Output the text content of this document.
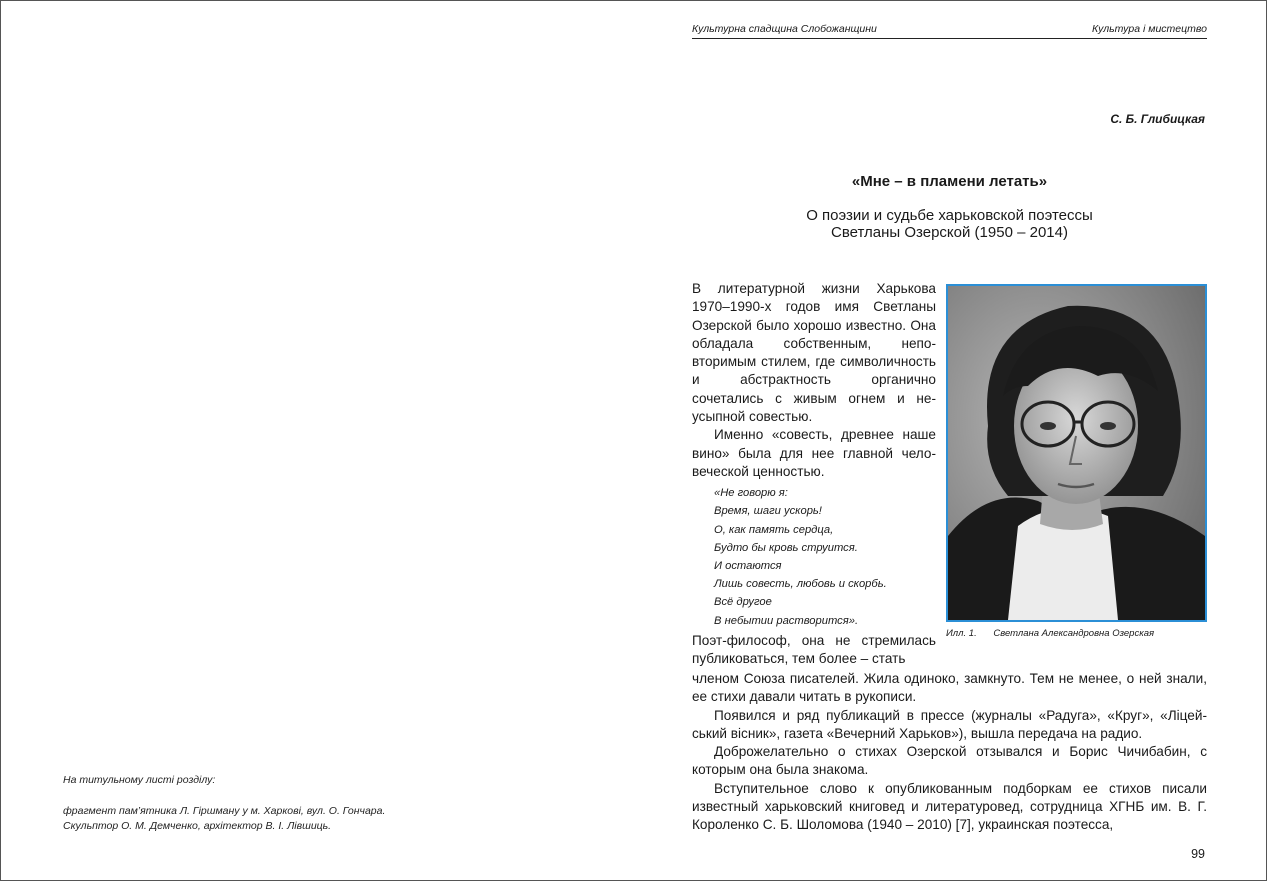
На титульному листі розділу:
фрагмент пам’ятника Л. Гіршману у м. Харкові, вул. О. Гончара.
Скульптор О. М. Демченко, архітектор В. І. Лівшиць.
Культурна спадщина Слобожанщини	Культура і мистецтво
С. Б. Глибицкая
«Мне – в пламени летать»
О поэзии и судьбе харьковской поэтессы
Светланы Озерской (1950 – 2014)

В литературной жизни Харькова 1970–1990-х годов имя Светланы Озерской было хорошо известно. Она обладала собственным, неповторимым стилем, где символичность и абстрактность органично сочетались с живым огнем и неусыпной совестью.

Именно «совесть, древнее наше вино» была для нее главной человеческой ценностью.

«Не говорю я:
Время, шаги ускорь!
О, как память сердца,
Будто бы кровь струится.
И остаются
Лишь совесть, любовь и скорбь.
Всё другое
В небытии растворится».

Поэт-философ, она не стремилась публиковаться, тем более – стать

Илл. 1. Светлана Александровна Озерская

членом Союза писателей. Жила одиноко, замкнуто. Тем не менее, о ней знали, ее стихи давали читать в рукописи.

Появился и ряд публикаций в прессе (журналы «Радуга», «Круг», «Ліцейський вісник», газета «Вечерний Харьков»), вышла передача на радио.

Доброжелательно о стихах Озерской отзывался и Борис Чичибабин, с которым она была знакома.

Вступительное слово к опубликованным подборкам ее стихов писали известный харьковский книговед и литературовед, сотрудница ХГНБ им. В. Г. Короленко С. Б. Шоломова (1940 – 2010) [7], украинская поэтесса,

99
